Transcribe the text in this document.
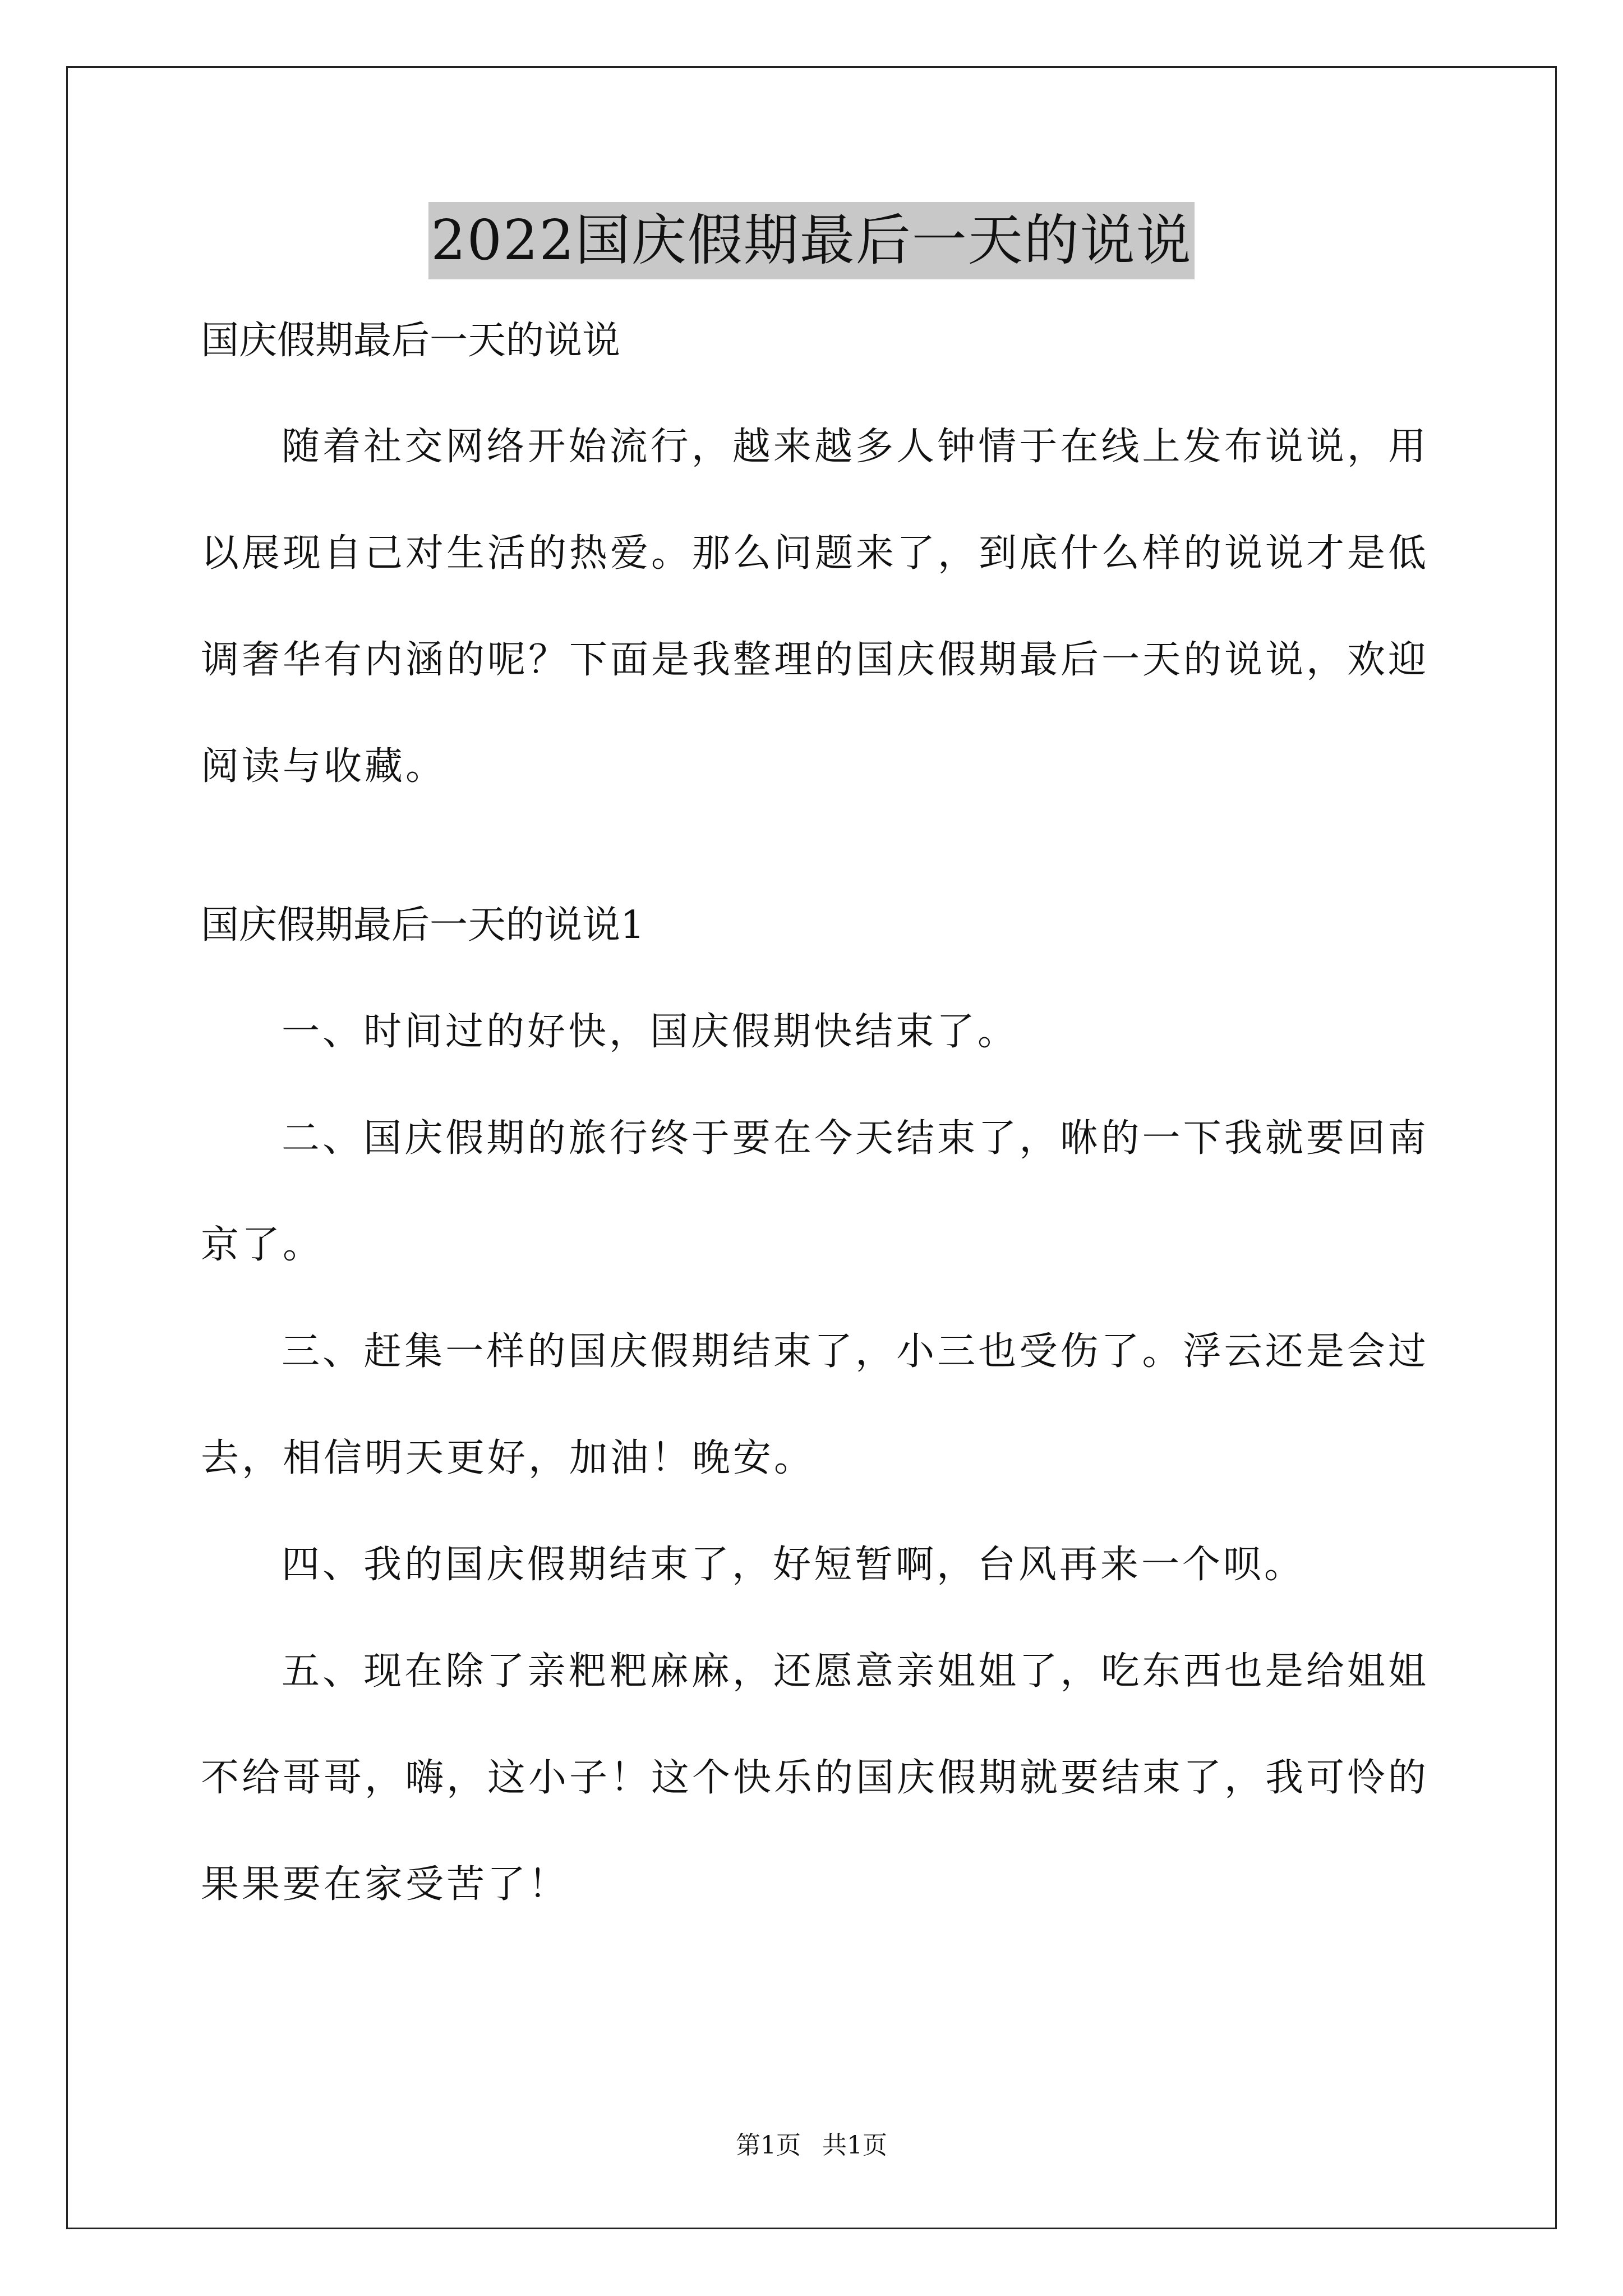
2022国庆假期最后一天的说说

国庆假期最后一天的说说

随着社交网络开始流行，越来越多人钟情于在线上发布说说，用以展现自己对生活的热爱。那么问题来了，到底什么样的说说才是低调奢华有内涵的呢？下面是我整理的国庆假期最后一天的说说，欢迎阅读与收藏。

国庆假期最后一天的说说1

一、时间过的好快，国庆假期快结束了。

二、国庆假期的旅行终于要在今天结束了，咻的一下我就要回南京了。

三、赶集一样的国庆假期结束了，小三也受伤了。浮云还是会过去，相信明天更好，加油！晚安。

四、我的国庆假期结束了，好短暂啊，台风再来一个呗。

五、现在除了亲粑粑麻麻，还愿意亲姐姐了，吃东西也是给姐姐不给哥哥，嗨，这小子！这个快乐的国庆假期就要结束了，我可怜的果果要在家受苦了！

第1页 共1页
